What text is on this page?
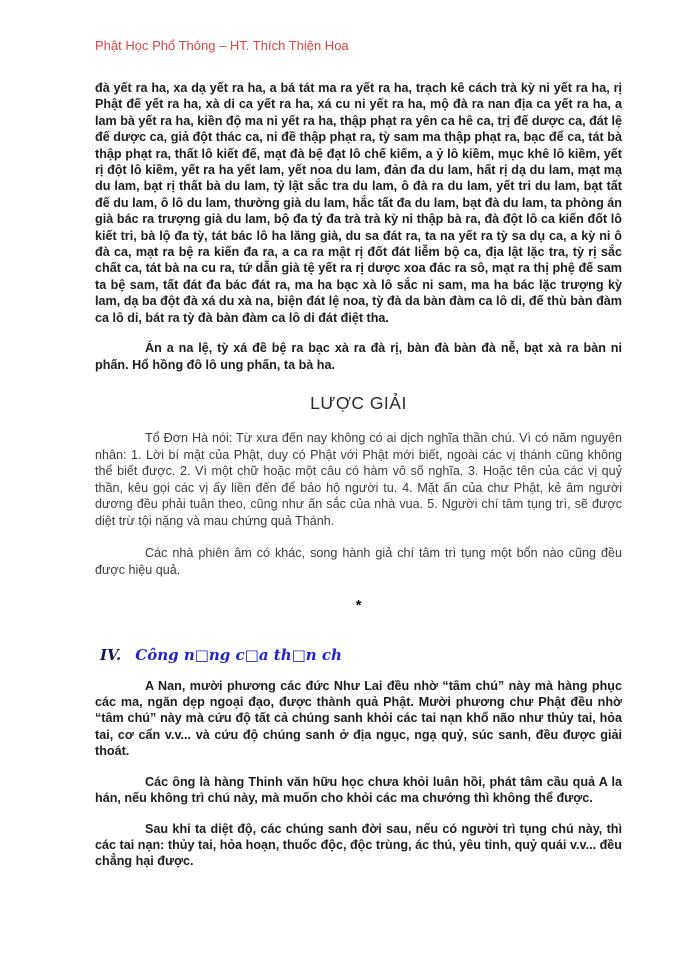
Phật Học Phổ Thông – HT. Thích Thiện Hoa

đà yết ra ha, xa dạ yết ra ha, a bá tát ma ra yết ra ha, trạch kê cách trà kỳ ni yết ra ha, rị Phật đế yết ra ha, xà di ca yết ra ha, xá cu ni yết ra ha, mộ đà ra nan địa ca yết ra ha, a lam bà yết ra ha, kiền độ ma ni yết ra ha, thập phạt ra yên ca hê ca, trị đế dược ca, đát lệ đế dược ca, giả đột thác ca, ni đề thập phạt ra, tỳ sam ma thập phạt ra, bạc để ca, tát bà thập phạt ra, thất lô kiết đế, mạt đà bệ đạt lô chế kiếm, a ỷ lô kiềm, mục khê lô kiềm, yết rị đột lô kiềm, yết ra ha yết lam, yết noa du lam, đản đa du lam, hất rị dạ du lam, mạt mạ du lam, bạt rị thất bà du lam, tỷ lật sắc tra du lam, ô đà ra du lam, yết tri du lam, bạt tất đế du lam, ô lô du lam, thường già du lam, hắc tất đa du lam, bạt đà du lam, ta phòng án già bác ra trượng già du lam, bộ đa tỷ đa trà trà kỳ ni thập bà ra, đà đột lô ca kiến đốt lô kiết tri, bà lộ đa tỳ, tát bác lô ha lăng già, du sa đát ra, ta na yết ra tỳ sa dụ ca, a kỳ ni ô đà ca, mạt ra bệ ra kiến đa ra, a ca ra mật rị đốt đát liễm bộ ca, địa lật lặc tra, tỳ rị sắc chất ca, tát bà na cu ra, tứ dẫn già tệ yết ra rị dược xoa đác ra sô, mạt ra thị phệ đế sam ta bệ sam, tất đát đa bác đát ra, ma ha bạc xà lô sắc ni sam, ma ha bác lặc trượng kỳ lam, dạ ba đột đà xá du xà na, biện đát lệ noa, tỳ đà da bàn đàm ca lô di, đế thù bàn đàm ca lô di, bát ra tỳ đà bàn đàm ca lô di đát điệt tha.

Án a na lệ, tỳ xá đề bệ ra bạc xà ra đà rị, bàn đà bàn đà nễ, bạt xà ra bàn ni phấn. Hổ hồng đô lô ung phấn, ta bà ha.

LƯỢC GIẢI

Tổ Đơn Hà nói: Từ xưa đến nay không có ai dịch nghĩa thần chú. Vì có năm nguyên nhân: 1. Lời bí mật của Phật, duy có Phật với Phật mới biết, ngoài các vị thánh cũng không thể biết được. 2. Vì một chữ hoặc một câu có hàm vô số nghĩa. 3. Hoặc tên của các vị quỷ thần, kêu gọi các vị ấy liền đến để bảo hộ người tu. 4. Mặt ấn của chư Phật, kẻ âm người dương đều phải tuân theo, cũng như ấn sắc của nhà vua. 5. Người chí tâm tụng trì, sẽ được diệt trừ tội nặng và mau chứng quả Thánh.

Các nhà phiên âm có khác, song hành giả chí tâm trì tụng một bổn nào cũng đều được hiệu quả.

*
IV. Công n□ng c□a th□n ch

A Nan, mười phương các đức Như Lai đều nhờ “tâm chú” này mà hàng phục các ma, ngăn dẹp ngoại đạo, được thành quả Phật. Mười phương chư Phật đều nhờ “tâm chú” này mà cứu độ tất cả chúng sanh khỏi các tai nạn khổ não như thủy tai, hỏa tai, cơ cẩn v.v... và cứu độ chúng sanh ở địa ngục, ngạ quỷ, súc sanh, đều được giải thoát.

Các ông là hàng Thinh văn hữu học chưa khỏi luân hồi, phát tâm cầu quả A la hán, nếu không trì chú này, mà muốn cho khỏi các ma chướng thì không thể được.

Sau khi ta diệt độ, các chúng sanh đời sau, nếu có người trì tụng chú này, thì các tai nạn: thủy tai, hỏa hoạn, thuốc độc, độc trùng, ác thú, yêu tinh, quỷ quái v.v... đều chẳng hại được.
